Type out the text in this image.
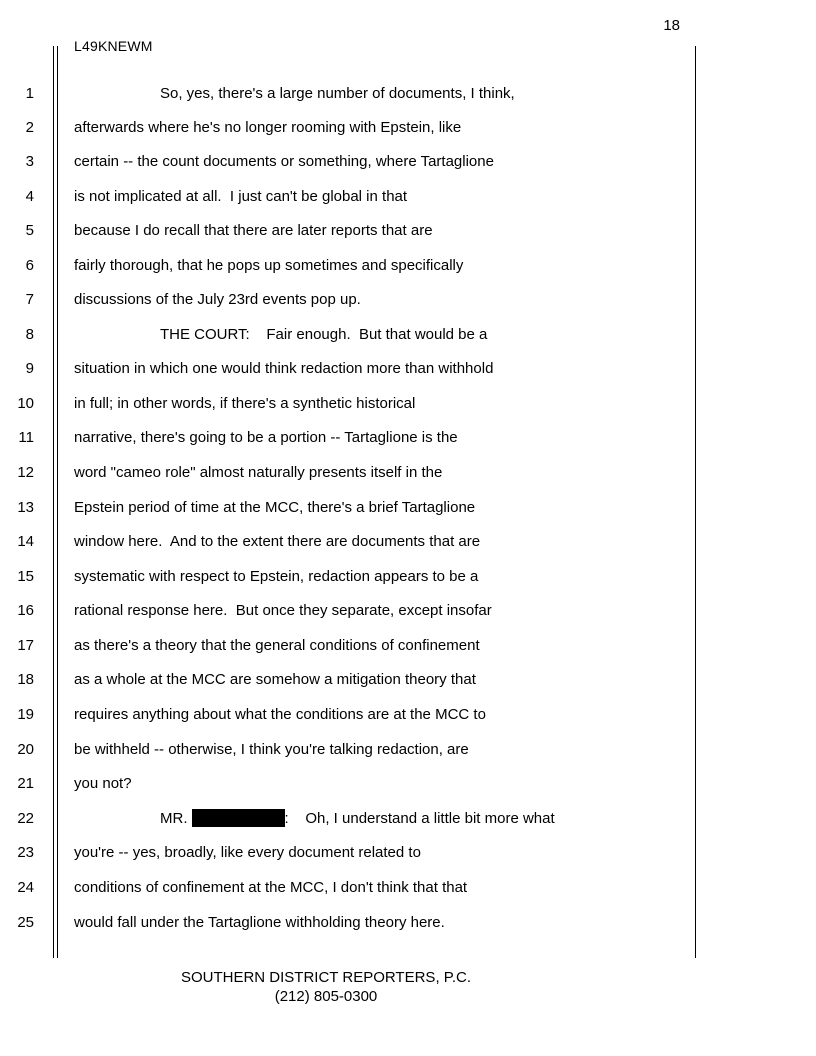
18
L49KNEWM
1	So, yes, there's a large number of documents, I think,
2	afterwards where he's no longer rooming with Epstein, like
3	certain -- the count documents or something, where Tartaglione
4	is not implicated at all.  I just can't be global in that
5	because I do recall that there are later reports that are
6	fairly thorough, that he pops up sometimes and specifically
7	discussions of the July 23rd events pop up.
8	THE COURT:    Fair enough.  But that would be a
9	situation in which one would think redaction more than withhold
10	in full; in other words, if there's a synthetic historical
11	narrative, there's going to be a portion -- Tartaglione is the
12	word "cameo role" almost naturally presents itself in the
13	Epstein period of time at the MCC, there's a brief Tartaglione
14	window here.  And to the extent there are documents that are
15	systematic with respect to Epstein, redaction appears to be a
16	rational response here.  But once they separate, except insofar
17	as there's a theory that the general conditions of confinement
18	as a whole at the MCC are somehow a mitigation theory that
19	requires anything about what the conditions are at the MCC to
20	be withheld -- otherwise, I think you're talking redaction, are
21	you not?
22	MR.	:    Oh, I understand a little bit more what
23	you're -- yes, broadly, like every document related to
24	conditions of confinement at the MCC, I don't think that that
25	would fall under the Tartaglione withholding theory here.
SOUTHERN DISTRICT REPORTERS, P.C.
(212) 805-0300
